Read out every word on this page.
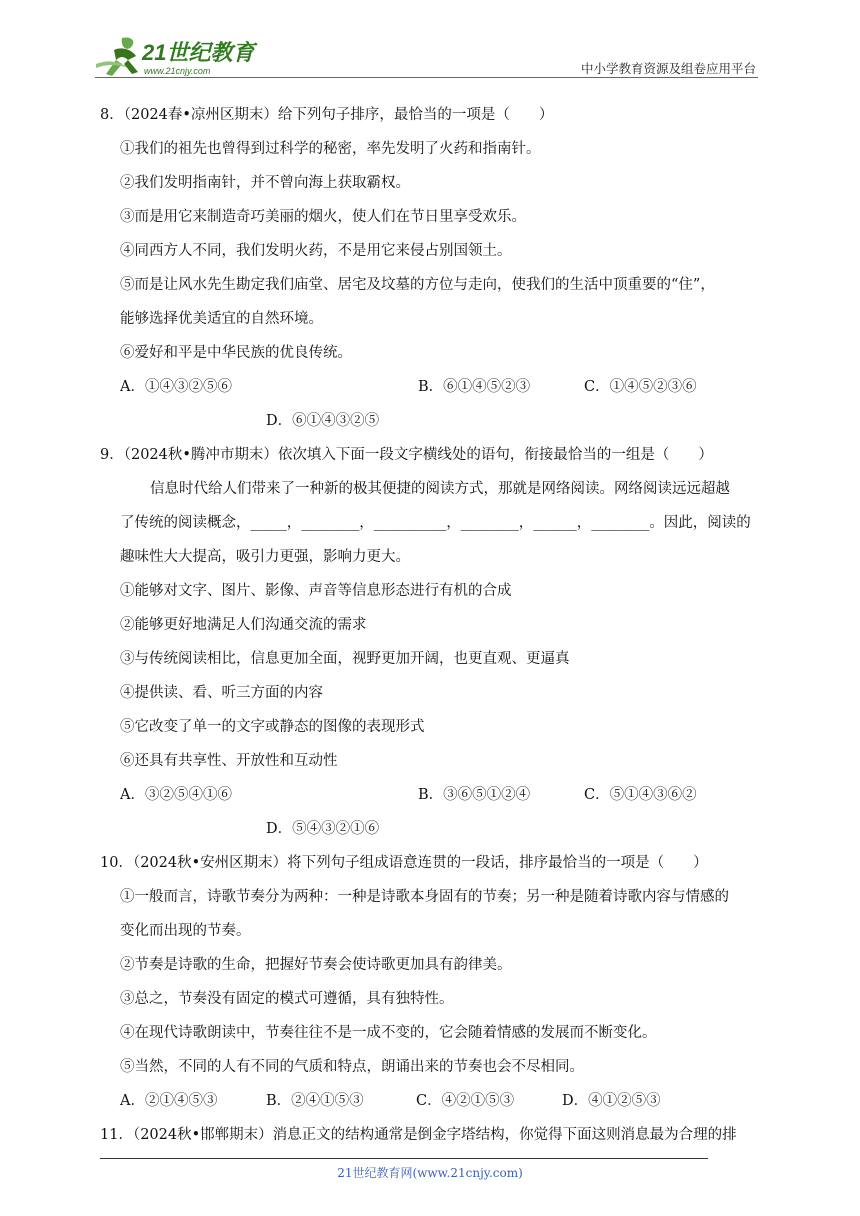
21世纪教育
www.21cnjy.com	中小学教育资源及组卷应用平台
8．（2024春•凉州区期末）给下列句子排序，最恰当的一项是（　　）
①我们的祖先也曾得到过科学的秘密，率先发明了火药和指南针。
②我们发明指南针，并不曾向海上获取霸权。
③而是用它来制造奇巧美丽的烟火，使人们在节日里享受欢乐。
④同西方人不同，我们发明火药，不是用它来侵占别国领土。
⑤而是让风水先生勘定我们庙堂、居宅及坟墓的方位与走向，使我们的生活中顶重要的“住”，
能够选择优美适宜的自然环境。
⑥爱好和平是中华民族的优良传统。
A．①④③②⑤⑥	B．⑥①④⑤②③	C．①④⑤②③⑥
D．⑥①④③②⑤
9．（2024秋•腾冲市期末）依次填入下面一段文字横线处的语句，衔接最恰当的一组是（　　）
信息时代给人们带来了一种新的极其便捷的阅读方式，那就是网络阅读。网络阅读远远超越
了传统的阅读概念，_____，________，__________，________，______，________。因此，阅读的
趣味性大大提高，吸引力更强，影响力更大。
①能够对文字、图片、影像、声音等信息形态进行有机的合成
②能够更好地满足人们沟通交流的需求
③与传统阅读相比，信息更加全面，视野更加开阔，也更直观、更逼真
④提供读、看、听三方面的内容
⑤它改变了单一的文字或静态的图像的表现形式
⑥还具有共享性、开放性和互动性
A．③②⑤④①⑥	B．③⑥⑤①②④	C．⑤①④③⑥②
D．⑤④③②①⑥
10．（2024秋•安州区期末）将下列句子组成语意连贯的一段话，排序最恰当的一项是（　　）
①一般而言，诗歌节奏分为两种：一种是诗歌本身固有的节奏；另一种是随着诗歌内容与情感的
变化而出现的节奏。
②节奏是诗歌的生命，把握好节奏会使诗歌更加具有韵律美。
③总之，节奏没有固定的模式可遵循，具有独特性。
④在现代诗歌朗读中，节奏往往不是一成不变的，它会随着情感的发展而不断变化。
⑤当然，不同的人有不同的气质和特点，朗诵出来的节奏也会不尽相同。
A．②①④⑤③	B．②④①⑤③	C．④②①⑤③	D．④①②⑤③
11．（2024秋•邯郸期末）消息正文的结构通常是倒金字塔结构，你觉得下面这则消息最为合理的排
21世纪教育网(www.21cnjy.com)
